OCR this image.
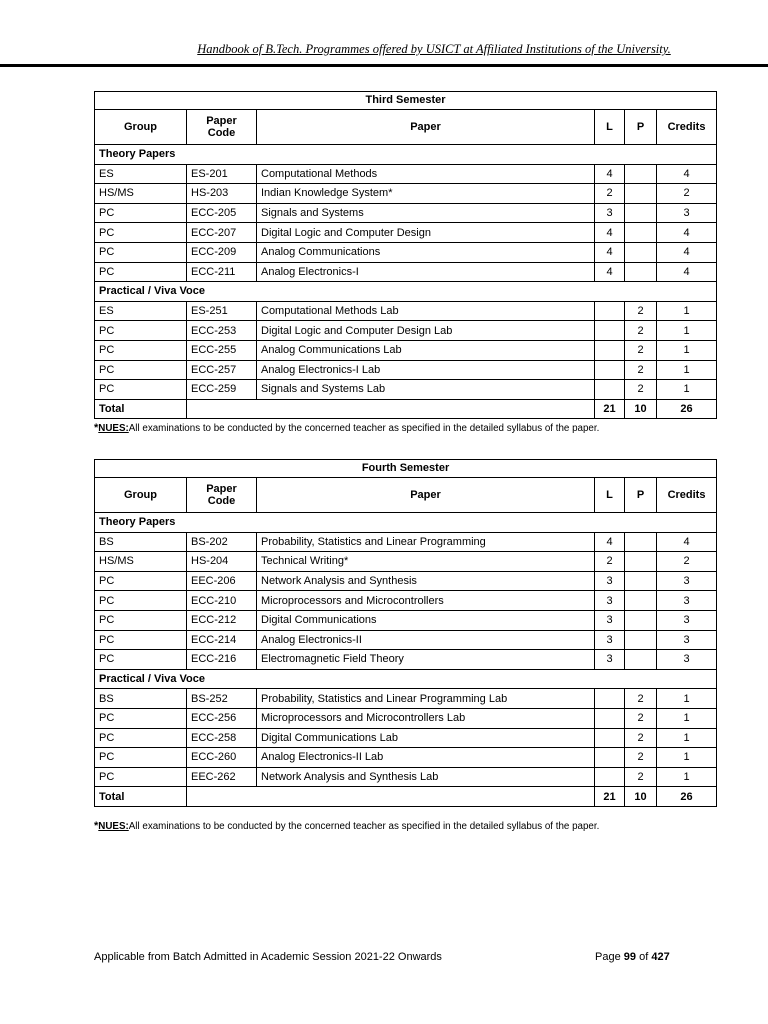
Handbook of B.Tech. Programmes offered by USICT at Affiliated Institutions of the University.
Third Semester					
Group	Paper Code	Paper	L	P	Credits
Theory Papers					
ES	ES-201	Computational Methods	4		4
HS/MS	HS-203	Indian Knowledge System*	2		2
PC	ECC-205	Signals and Systems	3		3
PC	ECC-207	Digital Logic and Computer Design	4		4
PC	ECC-209	Analog Communications	4		4
PC	ECC-211	Analog Electronics-I	4		4
Practical / Viva Voce					
ES	ES-251	Computational Methods Lab		2	1
PC	ECC-253	Digital Logic and Computer Design Lab		2	1
PC	ECC-255	Analog Communications Lab		2	1
PC	ECC-257	Analog Electronics-I Lab		2	1
PC	ECC-259	Signals and Systems Lab		2	1
Total			21	10	26
*NUES:All examinations to be conducted by the concerned teacher as specified in the detailed syllabus of the paper.
Fourth Semester					
Group	Paper Code	Paper	L	P	Credits
Theory Papers					
BS	BS-202	Probability, Statistics and Linear Programming	4		4
HS/MS	HS-204	Technical Writing*	2		2
PC	EEC-206	Network Analysis and Synthesis	3		3
PC	ECC-210	Microprocessors and Microcontrollers	3		3
PC	ECC-212	Digital Communications	3		3
PC	ECC-214	Analog Electronics-II	3		3
PC	ECC-216	Electromagnetic Field Theory	3		3
Practical / Viva Voce					
BS	BS-252	Probability, Statistics and Linear Programming Lab		2	1
PC	ECC-256	Microprocessors and Microcontrollers Lab		2	1
PC	ECC-258	Digital Communications Lab		2	1
PC	ECC-260	Analog Electronics-II Lab		2	1
PC	EEC-262	Network Analysis and Synthesis Lab		2	1
Total			21	10	26
*NUES:All examinations to be conducted by the concerned teacher as specified in the detailed syllabus of the paper.
Applicable from Batch Admitted in Academic Session 2021-22 Onwards	Page 99 of 427
